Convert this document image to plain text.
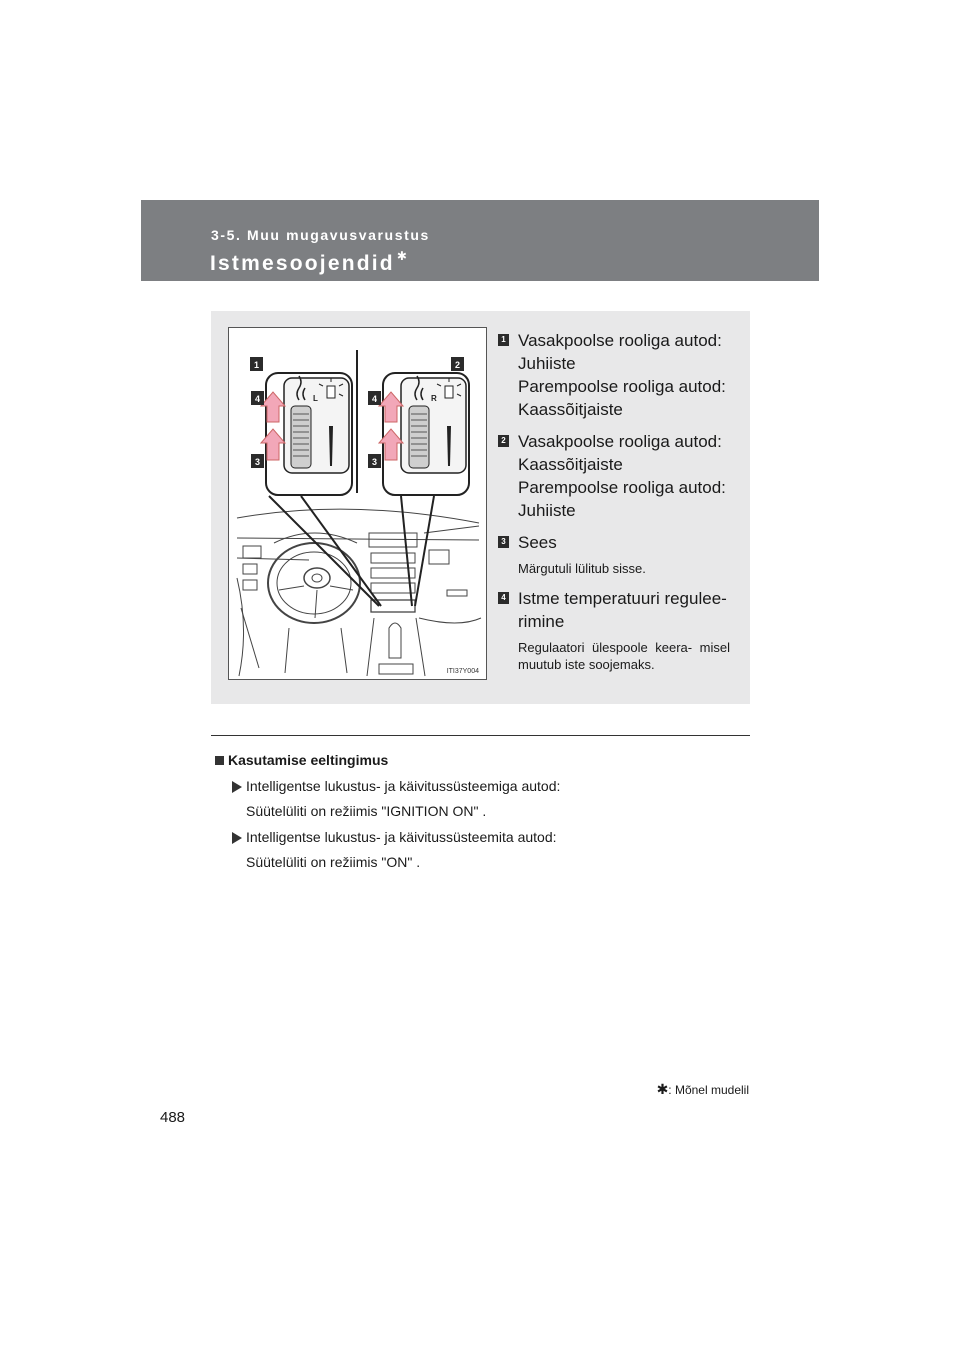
3-5. Muu mugavusvarustus
Istmesoojendid ✱
L	R
1	2
4	4
3	3
ITI37Y004
1 Vasakpoolse rooliga autod:
Juhiiste
Parempoolse rooliga autod:
Kaassõitjaiste
2 Vasakpoolse rooliga autod:
Kaassõitjaiste
Parempoolse rooliga autod:
Juhiiste
3 Sees
Märgutuli lülitub sisse.
4 Istme temperatuuri regulee-
rimine
Regulaatori ülespoole keera- misel muutub iste soojemaks.
Kasutamise eeltingimus
Intelligentse lukustus- ja käivitussüsteemiga autod:
Süütelüliti on režiimis "IGNITION ON" .
Intelligentse lukustus- ja käivitussüsteemita autod:
Süütelüliti on režiimis "ON" .
✱: Mõnel mudelil
488
